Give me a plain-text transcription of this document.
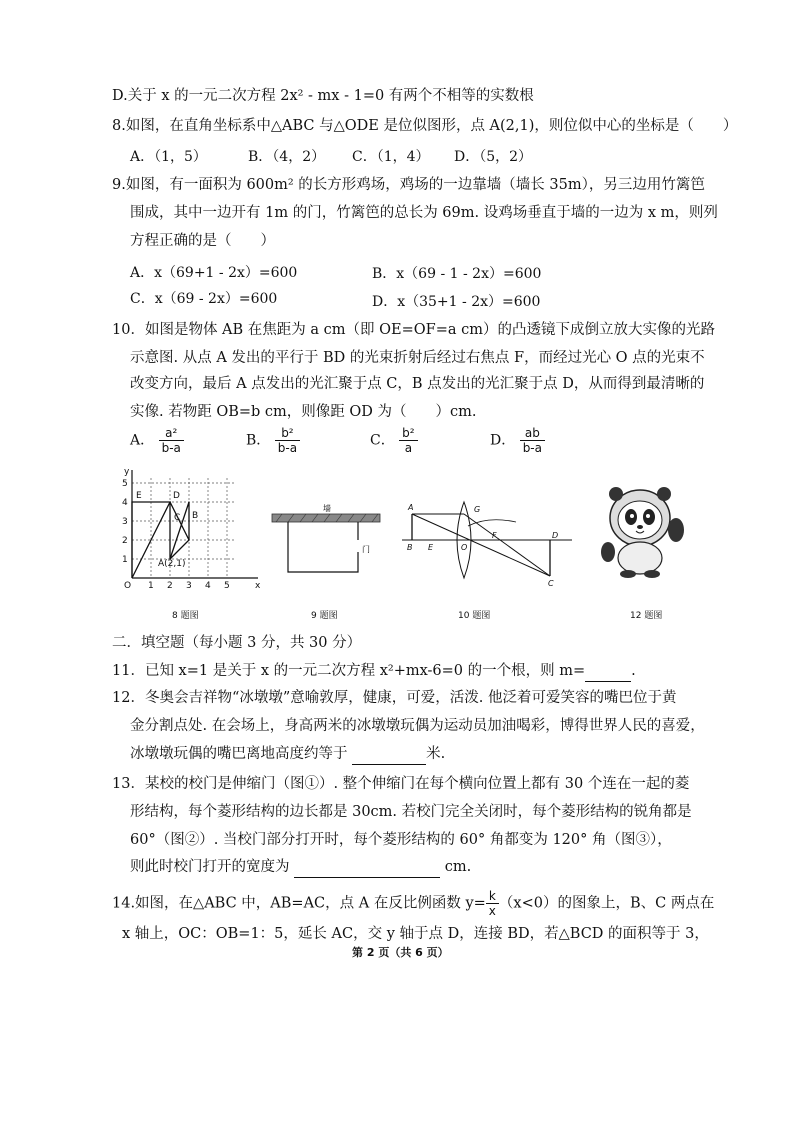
D.关于 x 的一元二次方程 2x² - mx - 1=0 有两个不相等的实数根
8.如图，在直角坐标系中△ABC 与△ODE 是位似图形，点 A(2,1)，则位似中心的坐标是（　　）
A．（1，5）	B．（4，2） C．（1，4） D．（5，2）
9.如图，有一面积为 600m² 的长方形鸡场，鸡场的一边靠墙（墙长 35m），另三边用竹篱笆
围成，其中一边开有 1m 的门，竹篱笆的总长为 69m. 设鸡场垂直于墙的一边为 x m，则列
方程正确的是（　　）
A．x（69+1 - 2x）=600	B．x（69 - 1 - 2x）=600
C．x（69 - 2x）=600	D．x（35+1 - 2x）=600
10．如图是物体 AB 在焦距为 a cm（即 OE=OF=a cm）的凸透镜下成倒立放大实像的光路
示意图. 从点 A 发出的平行于 BD 的光束折射后经过右焦点 F，而经过光心 O 点的光束不
改变方向，最后 A 点发出的光汇聚于点 C，B 点发出的光汇聚于点 D，从而得到最清晰的
实像. 若物距 OB=b cm，则像距 OD 为（　　）cm.
A． $\frac{\text{a²}}{b-a}$	B． $\frac{\text{b²}}{b-a}$	C． $\frac{\text{b²}}{a}$	D． $\frac{ab}{b-a}$
x
y
O 1 2 3 4 5
1
2
3
4
5
E	D
C B
A(2,1)
8 题图
墙
门
9 题图
A	G
B E	O
F	D
C
10 题图	12 题图
二．填空题（每小题 3 分，共 30 分）
11．已知 x=1 是关于 x 的一元二次方程 x²+mx-6=0 的一个根，则 m=	.
12．冬奥会吉祥物“冰墩墩”意喻敦厚，健康，可爱，活泼. 他泛着可爱笑容的嘴巴位于黄
金分割点处. 在会场上，身高两米的冰墩墩玩偶为运动员加油喝彩，博得世界人民的喜爱，
冰墩墩玩偶的嘴巴离地高度约等于	米.
13．某校的校门是伸缩门（图①）. 整个伸缩门在每个横向位置上都有 30 个连在一起的菱
形结构，每个菱形结构的边长都是 30cm. 若校门完全关闭时，每个菱形结构的锐角都是
60°（图②）. 当校门部分打开时，每个菱形结构的 60° 角都变为 120° 角（图③），
则此时校门打开的宽度为	cm.
14.如图，在△ABC 中，AB=AC，点 A 在反比例函数 $y= \frac{k}{x} (x<0)$的图象上，B、C 两点在
x 轴上，OC：OB=1：5，延长 AC，交 y 轴于点 D，连接 BD，若△BCD 的面积等于 3，
第 2 页（共 6 页）
